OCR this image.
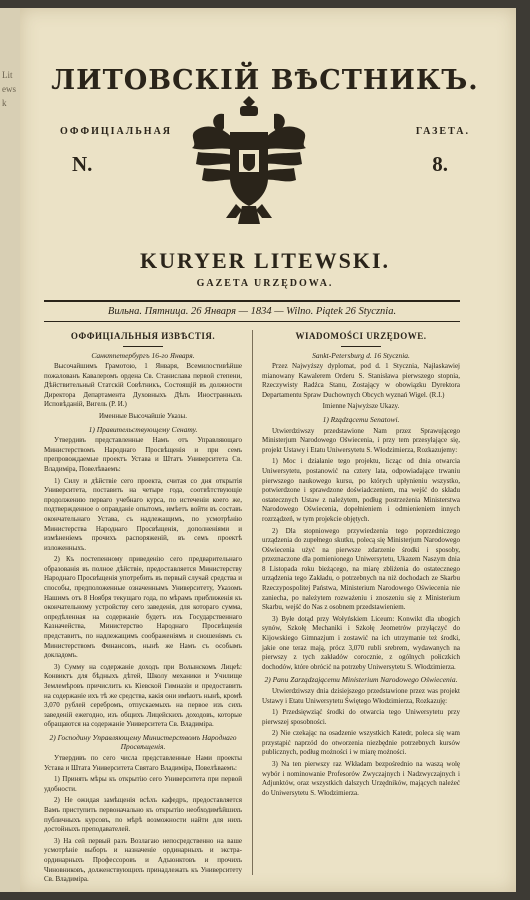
Litewsk
ЛИТОВСКІЙ ВѢСТНИКЪ.
ОФФИЦІАЛЬНАЯ	ГАЗЕТА.
N.	8.
KURYER LITEWSKI.
GAZETA URZĘDOWA.
Вильна. Пятница. 26 Января — 1834 — Wilno. Piątek 26 Stycznia.
ОФФИЦІАЛЬНЫЯ ИЗВѢСТІЯ.
Санктпетербургъ 16-го Января.

Высочайшимъ Грамотою, 1 Января, Всемилостивѣйше пожалованъ Кавалеромъ ордена Св. Станислава первой степени, Дѣйствительный Статскій Совѣтникъ, Состоящій въ должности Директора Департамента Духовныхъ Дѣлъ Иностранныхъ Исповѣданій, Вигель (Р. И.)

Именные Высочайшіе Указы.
1) Правительствующему Сенату.

Утвердивъ представленные Намъ отъ Управляющаго Министерствомъ Народнаго Просвѣщенія и при семъ препровождаемые проектъ Устава и Штатъ Университета Св. Владиміра, Повелѣваемъ:

1) Силу и дѣйствіе сего проекта, считая со дня открытія Университета, поставить на четыре года, соотвѣтствующіе продолжению перваго учебнаго курса, по истеченіи коего же, подтвержденное о оправданіе опытомъ, имѣетъ войти въ составъ окончательнаго Устава, съ надлежащимъ, по усмотрѣнію Министерства Народнаго Просвѣщенія, дополненіями и измѣненіемъ прочихъ распоряженій, въ семъ проектѣ изложенныхъ.

2) Къ постепенному приведенію сего предварительнаго образованія въ полное дѣйствіе, предоставляется Министерству Народнаго Просвѣщенія употребить въ первый случай средства и способы, предположенные означеннымъ Университету, Указомъ Нашимъ отъ 8 Ноября текущаго года, по мѣрамъ приближенія къ окончательному устройству сего заведенія, для котораго сумма, опредѣленная на содержаніе будетъ изъ Государственнаго Казначейства, Министерство Народнаго Просвѣщенія представитъ, по надлежащимъ соображеніямъ и сношеніямъ съ Министерствомъ Финансовъ, нынѣ же Намъ съ особымъ докладомъ.

3) Сумму на содержаніе доходъ при Волынскомъ Лицеѣ: Конвиктъ для бѣдныхъ дѣтей, Школу механики и Училище Землемѣровъ причислить къ Кіевской Гимназіи и предоставить на содержаніе ихъ тѣ же средства, какія они имѣютъ нынѣ, кромѣ 3,070 рублей серебромъ, отпускаемыхъ на первое изъ сихъ заведеній ежегодно, изъ общихъ Лицейскихъ доходовъ, которые обращаются на содержаніе Университета Св. Владиміра.

2) Господину Управляющему Министерствомъ Народнаго Просвѣщенія.

Утвердивъ по сего числа представленные Нами проекты Устава и Штата Университета Святаго Владиміра, Повелѣваемъ:

1) Принять мѣры къ открытію сего Университета при первой удобности.

2) Не ожидая замѣщенія всѣхъ кафедръ, предоставляется Вамъ приступить первоначально къ открытію необходимѣйшихъ публичныхъ курсовъ, по мѣрѣ возможности найти для нихъ достойныхъ преподавателей.

3) На сей первый разъ Возлагаю непосредственно на ваше усмотрѣніе выборъ и назначеніе ординарныхъ и экстра-ординарныхъ Профессоровъ и Адъюнктовъ и прочихъ Чиновниковъ, долженствующихъ принадлежать къ Университету Св. Владиміра.

WIADOMOŚCI URZĘDOWE.
Sankt-Petersburg d. 16 Stycznia.

Przez Najwyższy dyplomat, pod d. 1 Stycznia, Najłaskawiej mianowany Kawalerem Orderu S. Stanisława pierwszego stopnia, Rzeczywisty Radźca Stanu, Zostający w obowiązku Dyrektora Departamentu Spraw Duchownych Obcych wyznań Wigel. (R.I.)

Imienne Najwyższe Ukazy.
1) Rządzącemu Senatowi.

Utwierdziwszy przedstawione Nam przez Sprawującego Ministerjum Narodowego Oświecenia, i przy tem przesyłające się, projekt Ustawy i Etatu Uniwersytetu S. Włodzimierza, Rozkazujemy:

1) Moc i działanie tego projektu, licząc od dnia otwarcia Uniwersytetu, postanowić na cztery lata, odpowiadające trwaniu pierwszego naukowego kursu, po których upłynieniu wszystko, potwierdzone i sprawdzone doświadczeniem, ma wejść do składu ostatecznych Ustaw z należytem, podług postrzeżenia Ministerstwa Narodowego Oświecenia, dopełnieniem i odmienieniem innych rozrządzeń, w tym projekcie objętych.

2) Dla stopniowego przywiedzenia tego poprzedniczego urządzenia do zupełnego skutku, polecą się Ministerjum Narodowego Oświecenia użyć na pierwsze zdarzenie środki i sposoby, przeznaczone dla pomienionego Uniwersytetu, Ukazem Naszym dnia 8 Listopada roku bieżącego, na miarę zbliżenia do ostatecznego urządzenia tego Zakładu, o potrzebnych na niż dochodach ze Skarbu Rzeczypospolitej Państwa, Ministerium Narodowego Oświecenia nie zaniecha, po należytem rozważeniu i znoszeniu się z Ministerium Skarbu, wejść do Nas z osobnem przedstawieniem.

3) Byłe dotąd przy Wołyńskiem Liceum: Konwikt dla ubogich synów, Szkołę Mechaniki i Szkołę Jeometrów przyłączyć do Kijowskiego Gimnazjum i zostawić na ich utrzymanie też środki, jakie one teraz mają, prócz 3,070 rubli srebrem, wydawanych na pierwszy z tych zakładów corocznie, z ogólnych połiczkich dochodów, które obrócić na potrzeby Uniwersytetu S. Włodzimierza.

2) Panu Zarządzającemu Ministerium Narodowego Oświecenia.

Utwierdziwszy dnia dzisiejszego przedstawione przez was projekt Ustawy i Etatu Uniwersytetu Świętego Włodzimierza, Rozkazuję:

1) Przedsięwziąć środki do otwarcia tego Uniwersytetu przy pierwszej sposobności.

2) Nie czekając na osadzenie wszystkich Katedr, poleca się wam przystąpić naprzód do otworzenia niezbędnie potrzebnych kursów publicznych, podług możności i w miarę możności.

3) Na ten pierwszy raz Wkładam bezpośrednio na waszą wolę wybór i nominowanie Profesorów Zwyczajnych i Nadzwyczajnych i Adjunktów, oraz wszystkich dalszych Urzędników, mających należeć do Uniwersytetu S. Włodzimierza.
